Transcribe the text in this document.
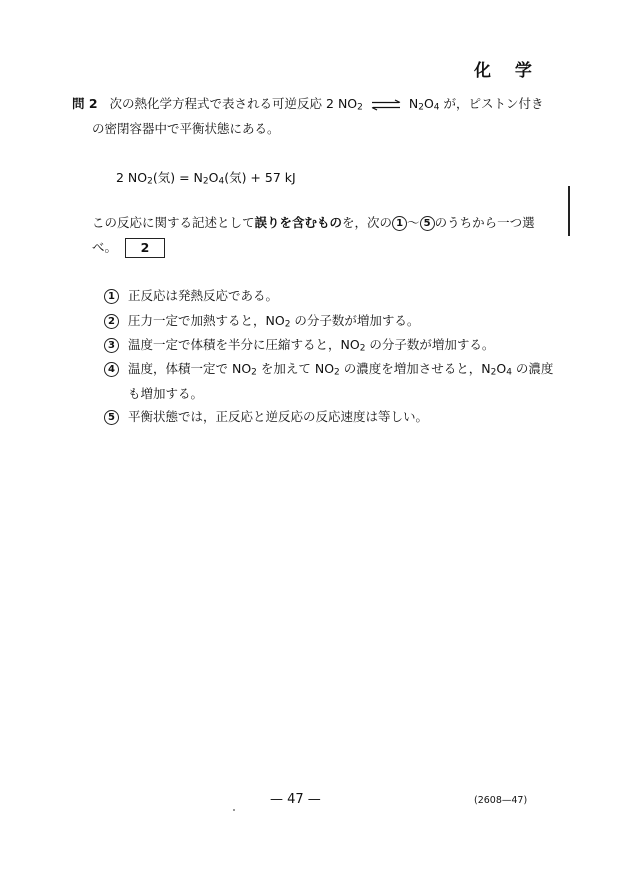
化 学
問 2 次の熱化学方程式で表される可逆反応 2 $NO_2$ ⇌ $N_2O_4$ が，ピストン付き
の密閉容器中で平衡状態にある。
2 $NO_2$(気) = $N_2O_4$(気) + 57 kJ
この反応に関する記述として誤りを含むものを，次の 1 ～ 5 のうちから一つ選
べ。 2
1	正反応は発熱反応である。
2	圧力一定で加熱すると，$NO_2$ の分子数が増加する。
3	温度一定で体積を半分に圧縮すると，$NO_2$ の分子数が増加する。
4	温度，体積一定で $NO_2$ を加えて $NO_2$ の濃度を増加させると，$N_2O_4$ の濃度
も増加する。
5	平衡状態では，正反応と逆反応の反応速度は等しい。
— 47 —	(2608—47)
